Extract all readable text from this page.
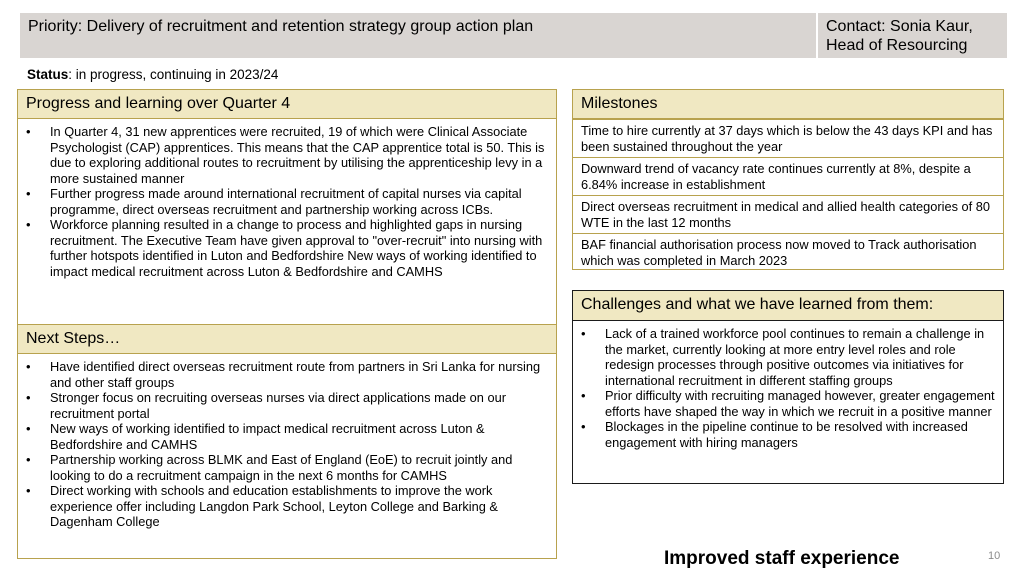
Priority: Delivery of recruitment and retention strategy group action plan	Contact: Sonia Kaur,
Head of Resourcing
Status: in progress, continuing in 2023/24
Progress and learning over Quarter 4
• In Quarter 4, 31 new apprentices were recruited, 19 of which were Clinical Associate Psychologist (CAP) apprentices. This means that the CAP apprentice total is 50. This is due to exploring additional routes to recruitment by utilising the apprenticeship levy in a more sustained manner
• Further progress made around international recruitment of capital nurses via capital programme, direct overseas recruitment and partnership working across ICBs.
• Workforce planning resulted in a change to process and highlighted gaps in nursing recruitment. The Executive Team have given approval to "over-recruit" into nursing with further hotspots identified in Luton and Bedfordshire New ways of working identified to impact medical recruitment across Luton & Bedfordshire and CAMHS
Next Steps…
• Have identified direct overseas recruitment route from partners in Sri Lanka for nursing and other staff groups
• Stronger focus on recruiting overseas nurses via direct applications made on our recruitment portal
• New ways of working identified to impact medical recruitment across Luton & Bedfordshire and CAMHS
• Partnership working across BLMK and East of England (EoE) to recruit jointly and looking to do a recruitment campaign in the next 6 months for CAMHS
• Direct working with schools and education establishments to improve the work experience offer including Langdon Park School, Leyton College and Barking & Dagenham College
Milestones
Time to hire currently at 37 days which is below the 43 days KPI and has been sustained throughout the year
Downward trend of vacancy rate continues currently at 8%, despite a 6.84% increase in establishment
Direct overseas recruitment in medical and allied health categories of 80 WTE in the last 12 months
BAF financial authorisation process now moved to Track authorisation which was completed in March 2023
Challenges and what we have learned from them:
• Lack of a trained workforce pool continues to remain a challenge in the market, currently looking at more entry level roles and role redesign processes through positive outcomes via initiatives for international recruitment in different staffing groups
• Prior difficulty with recruiting managed however, greater engagement efforts have shaped the way in which we recruit in a positive manner
• Blockages in the pipeline continue to be resolved with increased engagement with hiring managers
Improved staff experience	10
